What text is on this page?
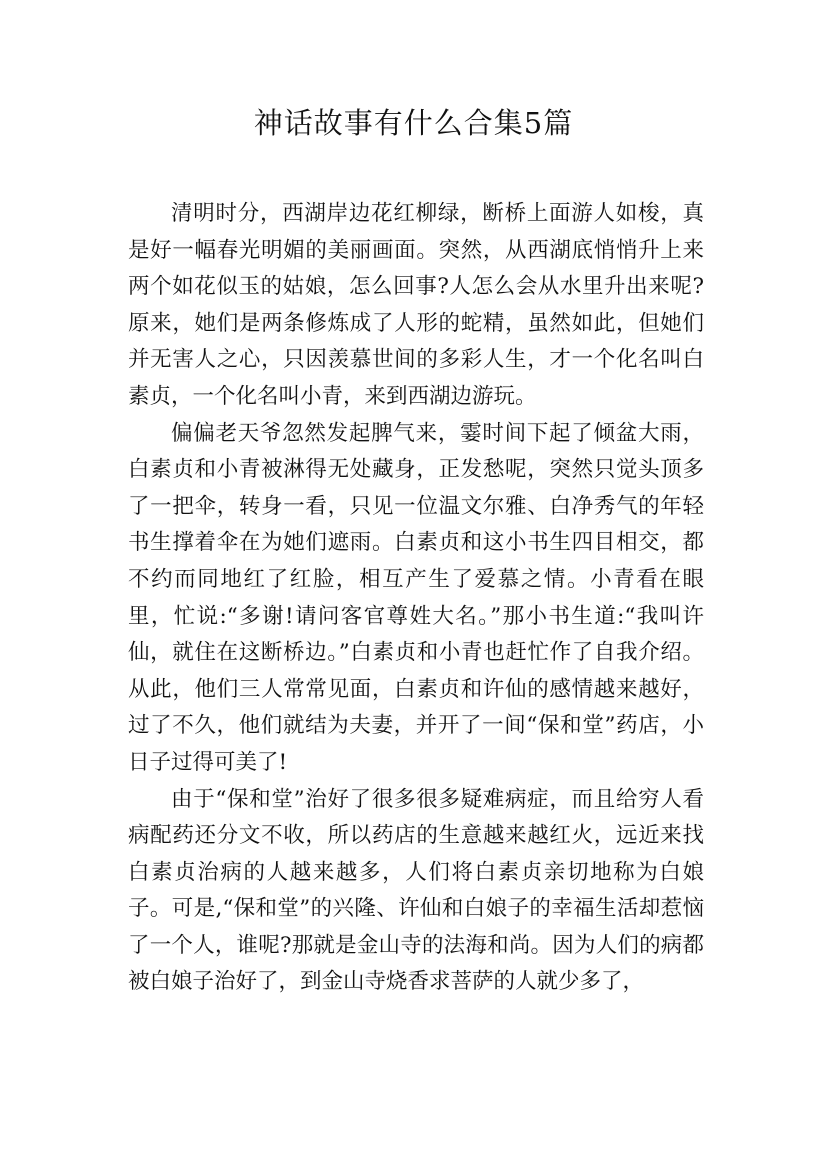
神话故事有什么合集5篇

清明时分，西湖岸边花红柳绿，断桥上面游人如梭，真是好一幅春光明媚的美丽画面。突然，从西湖底悄悄升上来两个如花似玉的姑娘，怎么回事?人怎么会从水里升出来呢?原来，她们是两条修炼成了人形的蛇精，虽然如此，但她们并无害人之心，只因羡慕世间的多彩人生，才一个化名叫白素贞，一个化名叫小青，来到西湖边游玩。

偏偏老天爷忽然发起脾气来，霎时间下起了倾盆大雨，白素贞和小青被淋得无处藏身，正发愁呢，突然只觉头顶多了一把伞，转身一看，只见一位温文尔雅、白净秀气的年轻书生撑着伞在为她们遮雨。白素贞和这小书生四目相交，都不约而同地红了红脸，相互产生了爱慕之情。小青看在眼里，忙说:“多谢!请问客官尊姓大名。”那小书生道:“我叫许仙，就住在这断桥边。”白素贞和小青也赶忙作了自我介绍。从此，他们三人常常见面，白素贞和许仙的感情越来越好，过了不久，他们就结为夫妻，并开了一间“保和堂”药店，小日子过得可美了!

由于“保和堂”治好了很多很多疑难病症，而且给穷人看病配药还分文不收，所以药店的生意越来越红火，远近来找白素贞治病的人越来越多，人们将白素贞亲切地称为白娘子。可是,“保和堂”的兴隆、许仙和白娘子的幸福生活却惹恼了一个人，谁呢?那就是金山寺的法海和尚。因为人们的病都被白娘子治好了，到金山寺烧香求菩萨的人就少多了，
